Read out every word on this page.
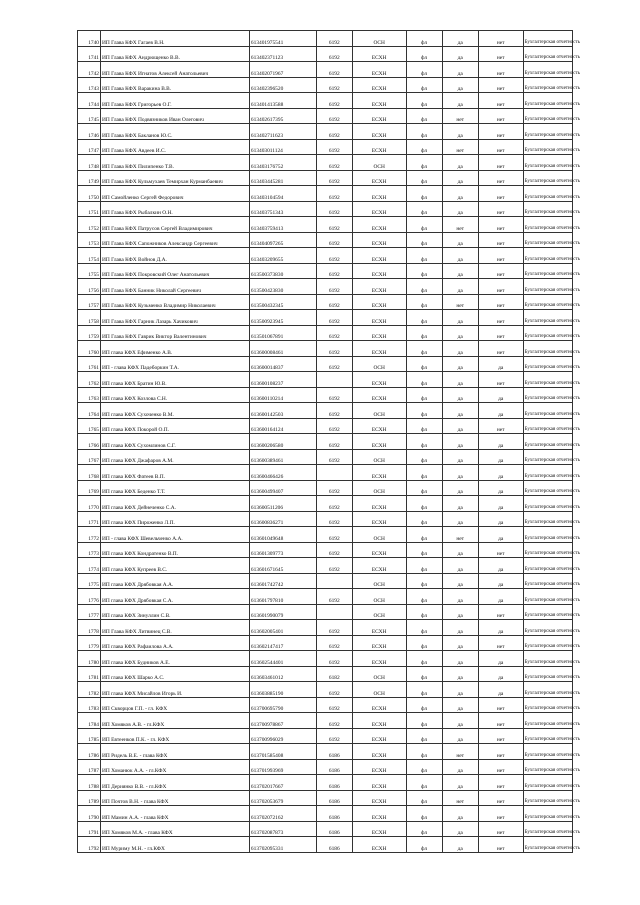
1740	ИП Глава КФХ Гагаев В.Н.	613401975541	6192	ОСН	фл	да	нет	Бухгалтерская отчетность
1741	ИП Глава КФХ Андрющенко В.В.	613402371123	6192	ЕСХН	фл	да	нет	Бухгалтерская отчетность
1742	ИП Глава КФХ Игнатов Алексей Анатольевич	613402071967	6192	ЕСХН	фл	да	нет	Бухгалтерская отчетность
1743	ИП Глава КФХ Варакина В.В.	613402396520	6192	ЕСХН	фл	да	нет	Бухгалтерская отчетность
1744	ИП Глава КФХ Григорьев О.Г.	613401413588	6192	ЕСХН	фл	да	нет	Бухгалтерская отчетность
1745	ИП Глава КФХ Подвязников Иван Олегович	613402617395	6192	ЕСХН	фл	нет	нет	Бухгалтерская отчетность
1746	ИП Глава КФХ Бакланов Ю.С.	613402711623	6192	ЕСХН	фл	да	нет	Бухгалтерская отчетность
1747	ИП Глава КФХ Авдеев И.С.	613403011124	6192	ЕСХН	фл	нет	нет	Бухгалтерская отчетность
1748	ИП Глава КФХ Пилипенко Т.В.	613403176752	6192	ОСН	фл	да	нет	Бухгалтерская отчетность
1749	ИП Глава КФХ Кульмухаев Темирхан Курманбаевич	613403445281	6192	ЕСХН	фл	да	нет	Бухгалтерская отчетность
1750	ИП Самойленко Сергей Федорович	613403104594	6192	ЕСХН	фл	да	нет	Бухгалтерская отчетность
1751	ИП Глава КФХ Рыбалкин О.Н.	613403751343	6192	ЕСХН	фл	да	нет	Бухгалтерская отчетность
1752	ИП Глава КФХ Патрусов Сергей Владимирович	613403759413	6192	ЕСХН	фл	нет	нет	Бухгалтерская отчетность
1753	ИП Глава КФХ Сапожников Александр Сергеевич	613404097265	6192	ЕСХН	фл	да	нет	Бухгалтерская отчетность
1754	ИП Глава КФХ Войнов Д.А.	613403209655	6192	ЕСХН	фл	да	нет	Бухгалтерская отчетность
1755	ИП Глава КФХ Покровский Олег Анатольевич	613500373830	6192	ЕСХН	фл	да	нет	Бухгалтерская отчетность
1756	ИП Глава КФХ Банник Николай Сергеевич	613500423830	6192	ЕСХН	фл	да	нет	Бухгалтерская отчетность
1757	ИП Глава КФХ Кузьменко Владимир Николаевич	613500432345	6192	ЕСХН	фл	нет	нет	Бухгалтерская отчетность
1758	ИП Глава КФХ Гарник Лазарь Хачикович	613500923945	6192	ЕСХН	фл	да	нет	Бухгалтерская отчетность
1759	ИП Глава КФХ Гаврик Виктор Валентинович	613501067891	6192	ЕСХН	фл	да	нет	Бухгалтерская отчетность
1760	ИП глава КФХ Ефименко А.В.	613600008461	6192	ЕСХН	фл	да	нет	Бухгалтерская отчетность
1761	ИП - глава КФХ Падеборкин Т.А.	613600014837	6192	ОСН	фл	да	да	Бухгалтерская отчетность
1762	ИП глава КФХ Братин Ю.В.	613600108237		ЕСХН	фл	да	нет	Бухгалтерская отчетность
1763	ИП глава КФХ Козлова С.Н.	613600110214	6192	ЕСХН	фл	да	да	Бухгалтерская отчетность
1764	ИП глава КФХ Сухоченко В.М.	613600142503	6192	ОСН	фл	да	да	Бухгалтерская отчетность
1765	ИП глава КФХ Покорой О.П.	613600164124	6192	ЕСХН	фл	да	нет	Бухгалтерская отчетность
1766	ИП глава КФХ Сухомлинов С.Г.	613600206580	6192	ЕСХН	фл	да	да	Бухгалтерская отчетность
1767	ИП глава КФХ Джафаров А.М.	613600389461	6192	ОСН	фл	да	да	Бухгалтерская отчетность
1768	ИП глава КФХ Фатеев В.П.	613600466426		ЕСХН	фл	да	да	Бухгалтерская отчетность
1769	ИП глава КФХ Беденко Т.Т.	613600499407	6192	ОСН	фл	да	да	Бухгалтерская отчетность
1770	ИП глава КФХ Дейнеченко С.А.	613600511206	6192	ЕСХН	фл	да	да	Бухгалтерская отчетность
1771	ИП глава КФХ Пироженко Л.П.	613600836271	6192	ЕСХН	фл	да	да	Бухгалтерская отчетность
1772	ИП - глава КФХ Шевельченко А.А.	613601049648	6192	ОСН	фл	нет	да	Бухгалтерская отчетность
1773	ИП глава КФХ Кондратенко В.П.	613601309773	6192	ЕСХН	фл	да	нет	Бухгалтерская отчетность
1774	ИП глава КФХ Купреев В.С.	613601671645	6192	ЕСХН	фл	да	да	Бухгалтерская отчетность
1775	ИП глава КФХ Дрябовкая А.А.	613601742742		ОСН	фл	да	да	Бухгалтерская отчетность
1776	ИП глава КФХ Дрябовкая С.А.	613601797810	6192	ОСН	фл	да	да	Бухгалтерская отчетность
1777	ИП глава КФХ Зинуллин С.В.	613601990079		ОСН	фл	да	нет	Бухгалтерская отчетность
1778	ИП Глава КФХ Литвинец С.В.	613602005401	6192	ЕСХН	фл	да	да	Бухгалтерская отчетность
1779	ИП глава КФХ Рафаилова А.А.	613602147417	6192	ЕСХН	фл	да	нет	Бухгалтерская отчетность
1780	ИП глава КФХ Будников А.Е.	613602544401	6192	ЕСХН	фл	да	да	Бухгалтерская отчетность
1781	ИП глава КФХ Шарко А.С.	613603461012	6182	ОСН	фл	да	да	Бухгалтерская отчетность
1782	ИП глава КФХ Мисайлов Игорь И.	613603885190	6192	ОСН	фл	да	да	Бухгалтерская отчетность
1783	ИП Скворцов Г.П. - гл. КФХ	613700695790	6192	ЕСХН	фл	да	нет	Бухгалтерская отчетность
1784	ИП Хомяков А.В. - гл.КФХ	613700978867	6192	ЕСХН	фл	да	нет	Бухгалтерская отчетность
1785	ИП Евтеенков П.К. - гл. КФХ	613700996029	6192	ЕСХН	фл	да	нет	Бухгалтерская отчетность
1786	ИП Ридель В.Е. - глава КФХ	613701585408	6186	ЕСХН	фл	нет	нет	Бухгалтерская отчетность
1787	ИП Хоманюк А.А. - гл.КФХ	613701993969	6186	ЕСХН	фл	да	нет	Бухгалтерская отчетность
1788	ИП Дериянко В.В. - гл.КФХ	613702017667	6186	ЕСХН	фл	да	нет	Бухгалтерская отчетность
1789	ИП Почтов В.Н. - глава КФХ	613702053679	6186	ЕСХН	фл	нет	нет	Бухгалтерская отчетность
1790	ИП Мамин А.А. - глава КФХ	613702072162	6186	ЕСХН	фл	да	нет	Бухгалтерская отчетность
1791	ИП Хомяков М.А. - глава КФХ	613702087873	6186	ЕСХН	фл	да	нет	Бухгалтерская отчетность
1792	ИП Муриму М.Н. - гл.КФХ	613702095331	6186	ЕСХН	фл	да	нет	Бухгалтерская отчетность
